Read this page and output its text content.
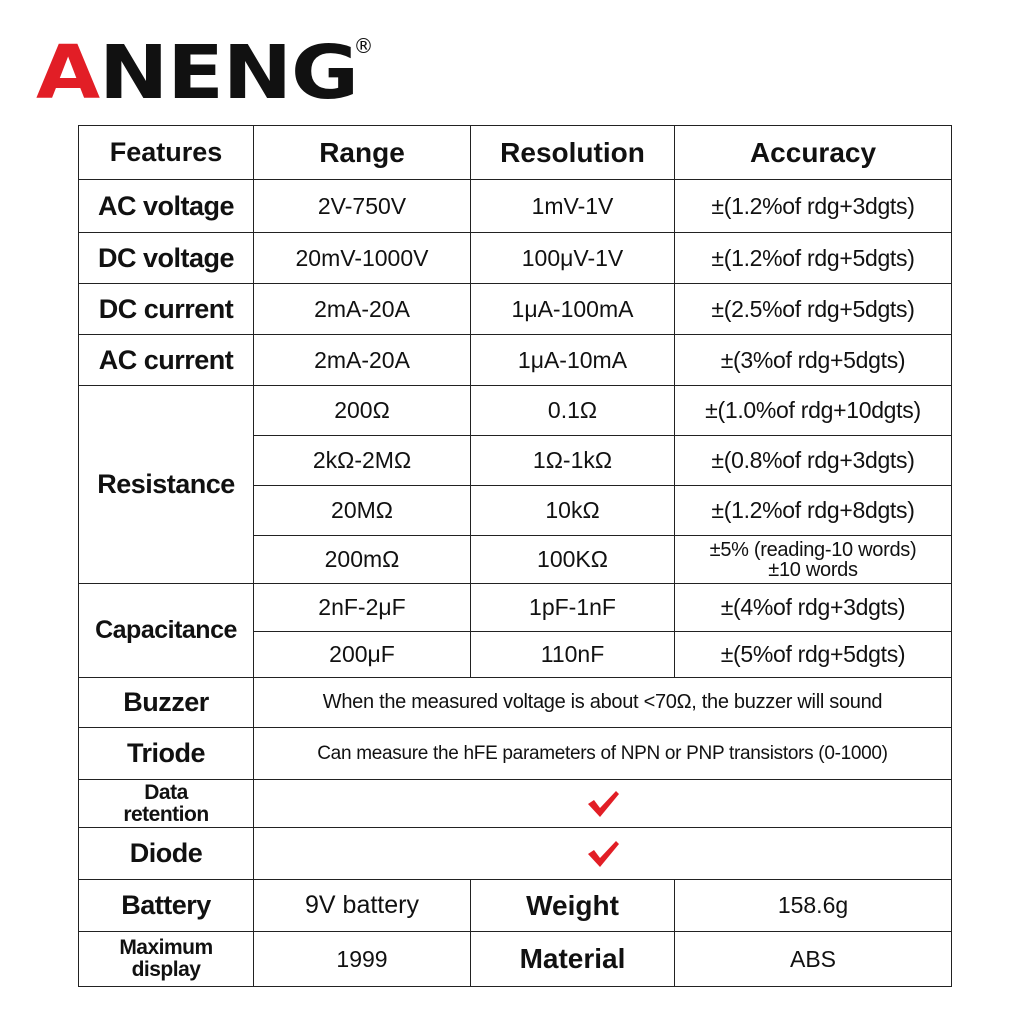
ANENG
®
Features	Range	Resolution	Accuracy
AC voltage	2V-750V	1mV-1V	±(1.2%of rdg+3dgts)
DC voltage	20mV-1000V	100μV-1V	±(1.2%of rdg+5dgts)
DC current	2mA-20A	1μA-100mA	±(2.5%of rdg+5dgts)
AC current	2mA-20A	1μA-10mA	±(3%of rdg+5dgts)
Resistance	200Ω	0.1Ω	±(1.0%of rdg+10dgts)
	2kΩ-2MΩ	1Ω-1kΩ	±(0.8%of rdg+3dgts)
	20MΩ	10kΩ	±(1.2%of rdg+8dgts)
	200mΩ	100KΩ	±5% (reading-10 words)
±10 words

Capacitance	2nF-2μF	1pF-1nF	±(4%of rdg+3dgts)
	200μF	110nF	±(5%of rdg+5dgts)
Buzzer	When the measured voltage is about <70Ω, the buzzer will sound		
Triode	Can measure the hFE parameters of NPN or PNP transistors (0-1000)		

Data
retention

Diode	
Battery	9V battery	Weight	158.6g

Maximum
display	1999	Material	ABS
